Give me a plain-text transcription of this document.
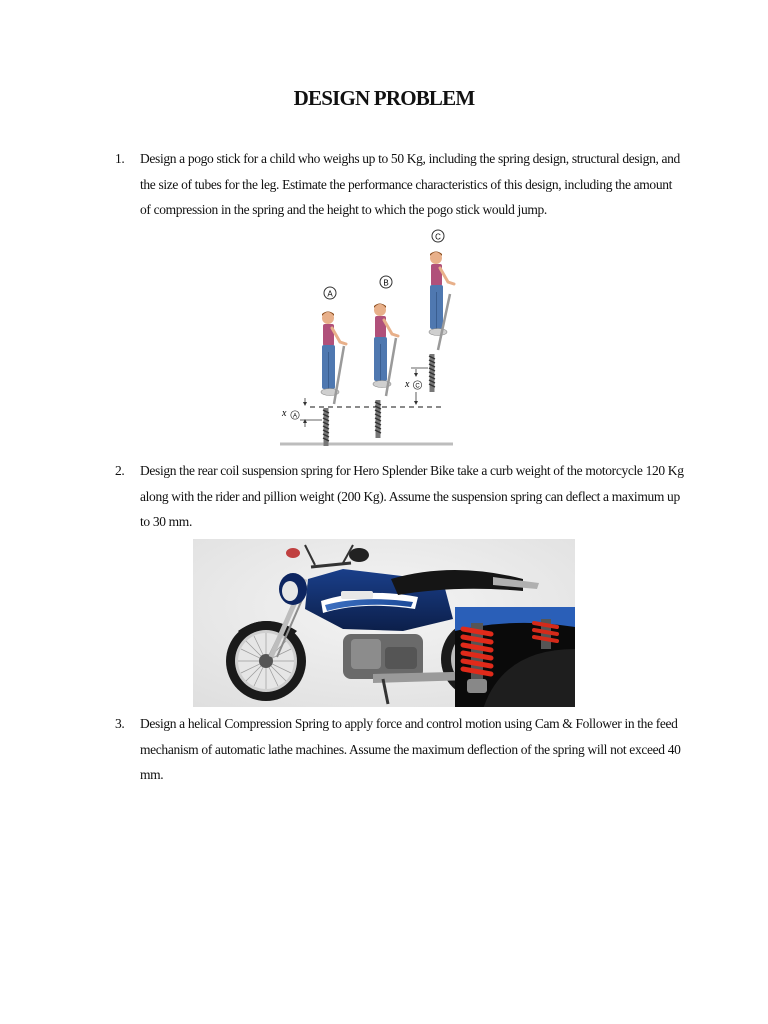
DESIGN PROBLEM
1. Design a pogo stick for a child who weighs up to 50 Kg, including the spring design, structural design, and the size of tubes for the leg. Estimate the performance characteristics of this design, including the amount of compression in the spring and the height to which the pogo stick would jump.
A
B
C
x A
x C
2. Design the rear coil suspension spring for Hero Splender Bike take a curb weight of the motorcycle 120 Kg along with the rider and pillion weight (200 Kg). Assume the suspension spring can deflect a maximum up to 30 mm.
3. Design a helical Compression Spring to apply force and control motion using Cam & Follower in the feed mechanism of automatic lathe machines. Assume the maximum deflection of the spring will not exceed 40 mm.
